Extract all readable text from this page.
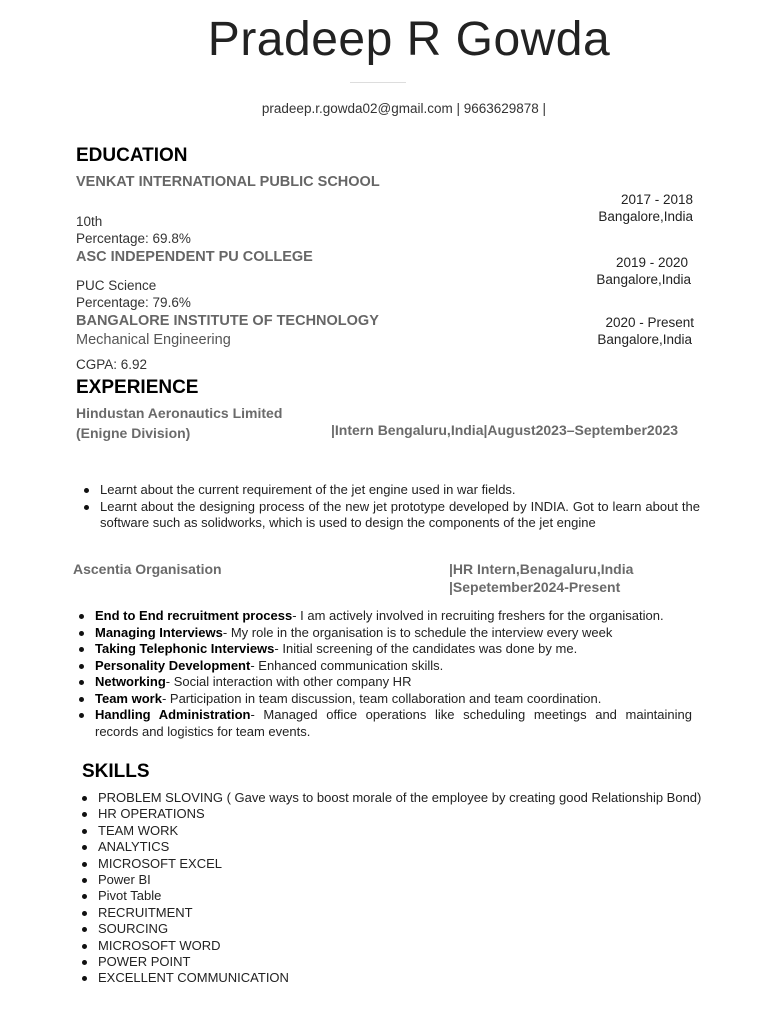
Pradeep R Gowda
pradeep.r.gowda02@gmail.com | 9663629878 |
EDUCATION
VENKAT INTERNATIONAL PUBLIC SCHOOL
10th
Percentage: 69.8%
2017 - 2018
Bangalore,India
ASC INDEPENDENT PU COLLEGE
PUC Science
Percentage: 79.6%
2019 - 2020
Bangalore,India
BANGALORE INSTITUTE OF TECHNOLOGY
Mechanical Engineering
CGPA: 6.92
2020 - Present
Bangalore,India
EXPERIENCE
Hindustan Aeronautics Limited
(Enigne Division)	|Intern Bengaluru,India|August2023–September2023
Learnt about the current requirement of the jet engine used in war fields.
Learnt about the designing process of the new jet prototype developed by INDIA. Got to learn about the software such as solidworks, which is used to design the components of the jet engine
Ascentia Organisation	|HR Intern,Benagaluru,India
|Sepetember2024-Present
End to End recruitment process- I am actively involved in recruiting freshers for the organisation.
Managing Interviews- My role in the organisation is to schedule the interview every week
Taking Telephonic Interviews- Initial screening of the candidates was done by me.
Personality Development- Enhanced communication skills.
Networking- Social interaction with other company HR
Team work- Participation in team discussion, team collaboration and team coordination.
Handling Administration- Managed office operations like scheduling meetings and maintaining records and logistics for team events.
SKILLS
PROBLEM SLOVING ( Gave ways to boost morale of the employee by creating good Relationship Bond)
HR OPERATIONS
TEAM WORK
ANALYTICS
MICROSOFT EXCEL
Power BI
Pivot Table
RECRUITMENT
SOURCING
MICROSOFT WORD
POWER POINT
EXCELLENT COMMUNICATION
